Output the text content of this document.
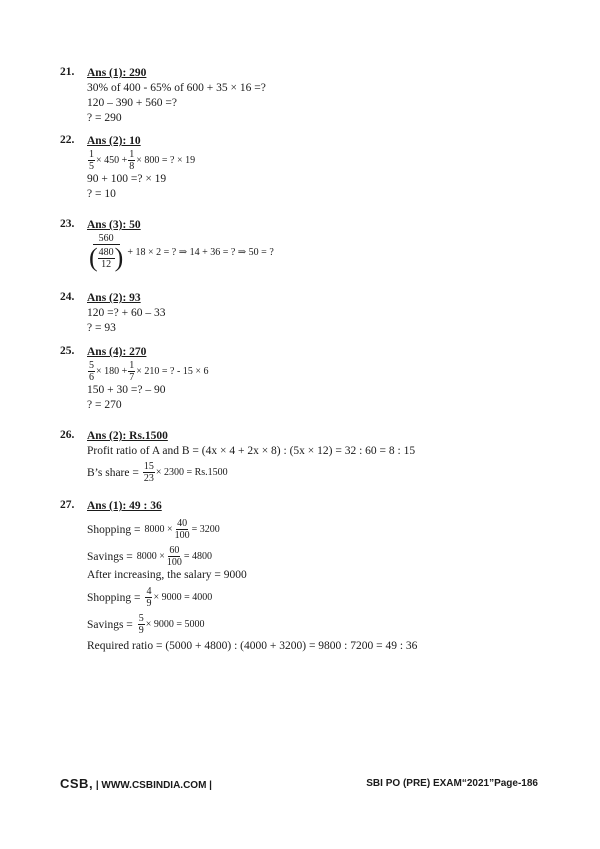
21. Ans (1): 290
30% of 400 - 65% of 600 + 35 × 16 =?
120 – 390 + 560 =?
? = 290
22. Ans (2): 10
$\frac{1}{5} \times 450 + \frac{1}{8} \times 800$ = ? × 19
90 + 100 =? × 19
? = 10
23. Ans (3): 50
$\frac{560}{( \frac{480}{12} )} + 18 \times 2$ = ? ⇒ 14 + 36 = ? ⇒ 50 = ?
24. Ans (2): 93
120 =? + 60 – 33
? = 93
25. Ans (4): 270
$\frac{5}{6} \times 180 + \frac{1}{7} \times 210$ = ? - 15 × 6
150 + 30 =? – 90
? = 270
26. Ans (2): Rs.1500
Profit ratio of A and B = (4x × 4 + 2x × 8) : (5x × 12) = 32 : 60 = 8 : 15
B’s share = $\frac{15}{23} \times 2300 = Rs.1500$
27. Ans (1): 49 : 36
Shopping = $8000 \times \frac{40}{100} = 3200$
Savings = $8000 \times \frac{60}{100} = 4800$
After increasing, the salary = 9000
Shopping = $\frac{4}{9} \times 9000 = 4000$
Savings = $\frac{5}{9} \times 9000 = 5000$
Required ratio = (5000 + 4800) : (4000 + 3200) = 9800 : 7200 = 49 : 36
CSB, | WWW.CSBINDIA.COM |	SBI PO (PRE) EXAM“2021”Page-186
